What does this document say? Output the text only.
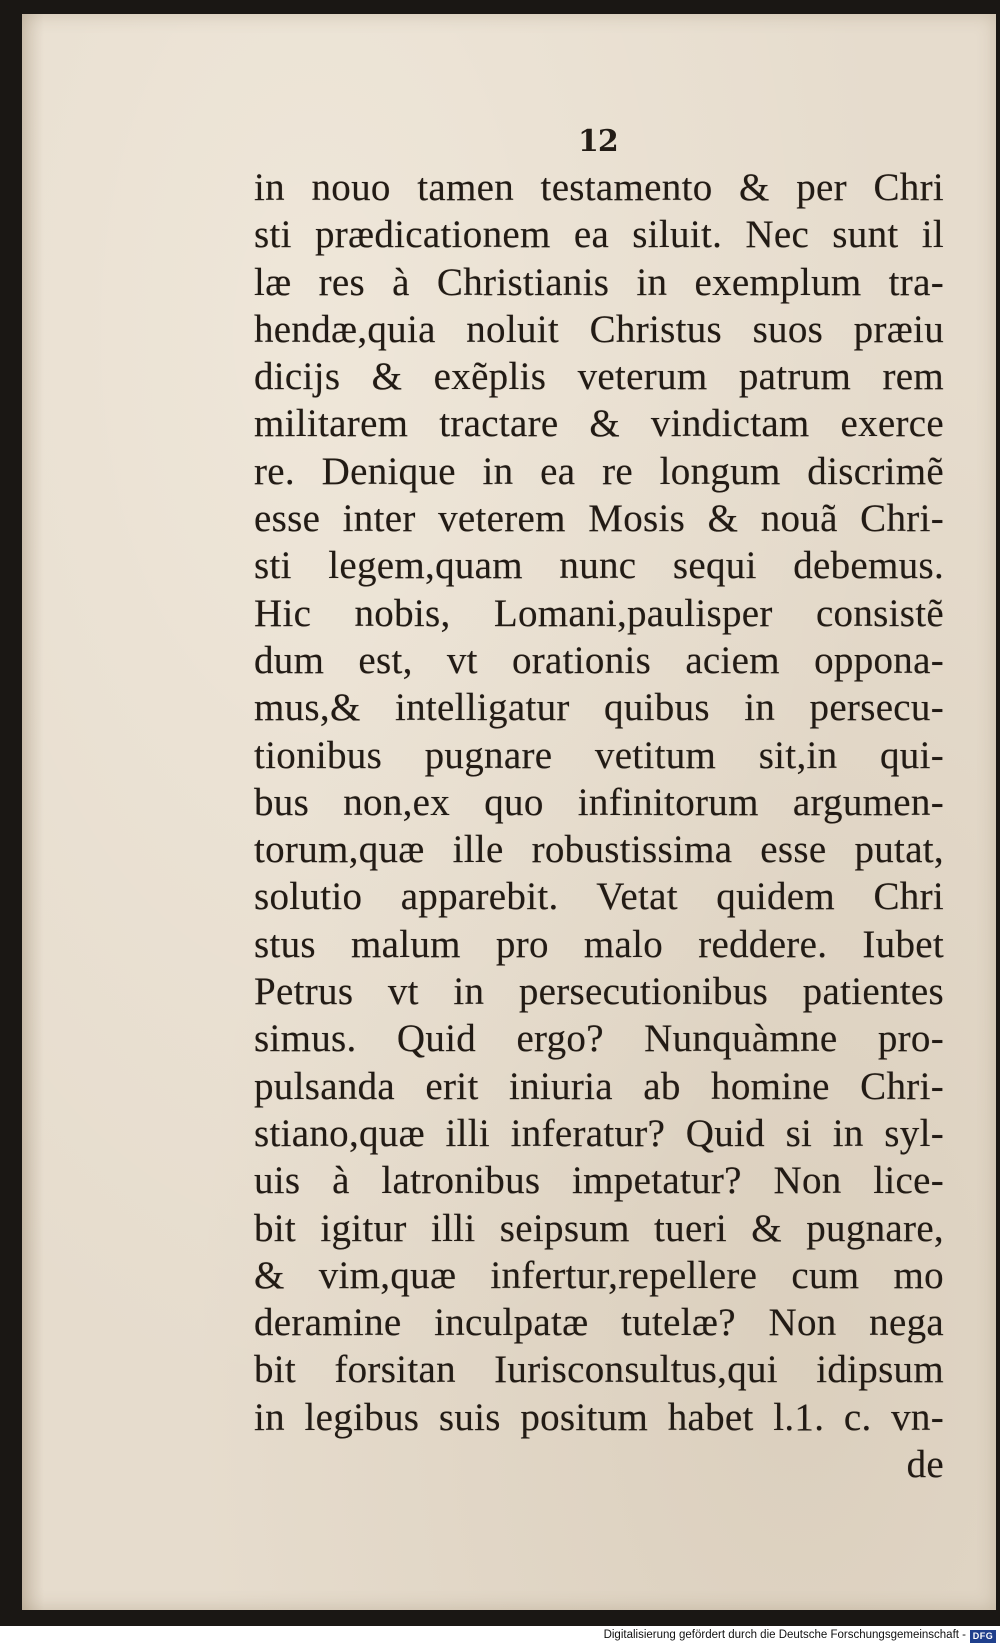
12
in nouo tamen testamento & per Chri
sti prædicationem ea siluit. Nec sunt il
læ res à Christianis in exemplum tra-
hendæ,quia noluit Christus suos præiu
dicijs & exẽplis veterum patrum rem
militarem tractare & vindictam exerce
re. Denique in ea re longum discrimẽ
esse inter veterem Mosis & nouã Chri-
sti legem,quam nunc sequi debemus.
Hic nobis, Lomani,paulisper consistẽ
dum est, vt orationis aciem opponа-
mus,& intelligatur quibus in persecu-
tionibus pugnare vetitum sit,in qui-
bus non,ex quo infinitorum argumen-
torum,quæ ille robustissima esse putat,
solutio apparebit. Vetat quidem Chri
stus malum pro malo reddere. Iubet
Petrus vt in persecutionibus patientes
simus. Quid ergo? Nunquàmne pro-
pulsanda erit iniuria ab homine Chri-
stiano,quæ illi inferatur? Quid si in syl-
uis à latronibus impetatur? Non lice-
bit igitur illi seipsum tueri & pugnare,
& vim,quæ infertur,repellere cum mo
deramine inculpatæ tutelæ? Non nega
bit forsitan Iurisconsultus,qui idipsum
in legibus suis positum habet l.1. c. vn-
de
Digitalisierung gefördert durch die Deutsche Forschungsgemeinschaft - DFG
